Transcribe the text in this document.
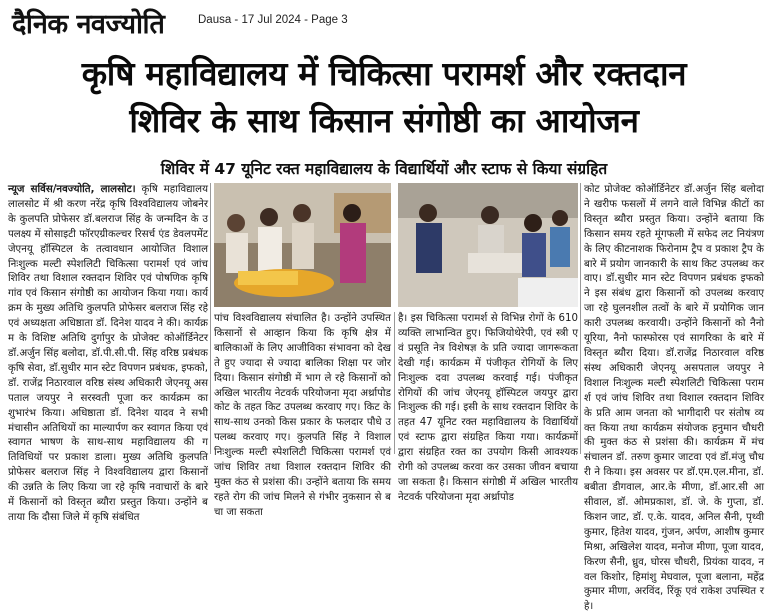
दैनिक नवज्योति	Dausa - 17 Jul 2024 - Page 3
कृषि महाविद्यालय में चिकित्सा परामर्श और रक्तदान
शिविर के साथ किसान संगोष्ठी का आयोजन
शिविर में 47 यूनिट रक्त महाविद्यालय के विद्यार्थियों और स्टाफ से किया संग्रहित
न्यूज सर्विस/नवज्योति, लालसोट। कृषि महाविद्यालय लालसोट में श्री करण नरेंद्र कृषि विश्वविद्यालय जोबनेर के कुलपति प्रोफेसर डॉ.बलराज सिंह के जन्मदिन के उपलक्ष्य में सोसाइटी फॉरएग्रीकल्चर रिसर्च एंड डेवलपमेंट जेएनयू हॉस्पिटल के तत्वावधान आयोजित विशाल निःशुल्क मल्टी स्पेशलिटी चिकित्सा परामर्श एवं जांच शिविर तथा विशाल रक्तदान शिविर एवं पोषणिक कृषि गांव एवं किसान संगोष्ठी का आयोजन किया गया। कार्यक्रम के मुख्य अतिथि कुलपति प्रोफेसर बलराज सिंह रहे एवं अध्यक्षता अधिष्ठाता डॉ. दिनेश यादव ने की। कार्यक्रम के विशिष्ट अतिथि दुर्गापुर के प्रोजेक्ट कोऑर्डिनेटर डॉ.अर्जुन सिंह बलोदा, डॉ.पी.सी.पी. सिंह वरिष्ठ प्रबंधक कृषि सेवा, डॉ.सुधीर मान स्टेट विपणन प्रबंधक, इफको, डॉ. राजेंद्र निठारवाल वरिष्ठ संस्थ अधिकारी जेएनयू असपताल जयपुर ने सरस्वती पूजा कर कार्यक्रम का शुभारंभ किया। अधिष्ठाता डॉ. दिनेश यादव ने सभी मंचासीन अतिथियों का माल्यार्पण कर स्वागत किया एवं स्वागत भाषण के साथ-साथ महाविद्यालय की गतिविधियों पर प्रकाश डाला। मुख्य अतिथि कुलपति प्रोफेसर बलराज सिंह ने विश्वविद्यालय द्वारा किसानों की उन्नति के लिए किया जा रहे कृषि नवाचारों के बारे में किसानों को विस्तृत ब्यौरा प्रस्तुत किया। उन्होंने बताया कि दौसा जिले में कृषि संबंधित
पांच विश्वविद्यालय संचालित है। उन्होंने उपस्थित किसानों से आव्हान किया कि कृषि क्षेत्र में बालिकाओं के लिए आजीविका संभावना को देखते हुए ज्यादा से ज्यादा बालिका शिक्षा पर जोर दिया। किसान संगोष्ठी में भाग ले रहे किसानों को अखिल भारतीय नेटवर्क परियोजना मृदा अर्थ्रापोड कोट के तहत किट उपलब्ध करवाए गए। किट के साथ-साथ उनको किस प्रकार के फलदार पौधे उपलब्ध करवाए गए। कुलपति सिंह ने विशाल निःशुल्क मल्टी स्पेशलिटी चिकित्सा परामर्श एवं जांच शिविर तथा विशाल रक्तदान शिविर की मुक्त कंठ से प्रशंसा की। उन्होंने बताया कि समय रहते रोग की जांच मिलने से गंभीर नुकसान से बचा जा सकता
है। इस चिकित्सा परामर्श से विभिन्न रोगों के 610 व्यक्ति लाभान्वित हुए। फिजियोथेरेपी, एवं स्त्री एवं प्रसूति नेत्र विशेषज्ञ के प्रति ज्यादा जागरूकता देखी गई। कार्यक्रम में पंजीकृत रोगियों के लिए निःशुल्क दवा उपलब्ध करवाई गई। पंजीकृत रोगियों की जांच जेएनयू हॉस्पिटल जयपुर द्वारा निःशुल्क की गई। इसी के साथ रक्तदान शिविर के तहत 47 यूनिट रक्त महाविद्यालय के विद्यार्थियों एवं स्टाफ द्वारा संग्रहित किया गया। कार्यक्रमों द्वारा संग्रहित रक्त का उपयोग किसी आवश्यक रोगी को उपलब्ध करवा कर उसका जीवन बचाया जा सकता है। किसान संगोष्ठी में अखिल भारतीय नेटवर्क परियोजना मृदा अर्थ्रापोड
कोट प्रोजेक्ट कोऑर्डिनेटर डॉ.अर्जुन सिंह बलोदा ने खरीफ फसलों में लगने वाले विभिन्न कीटों का विस्तृत ब्यौरा प्रस्तुत किया। उन्होंने बताया कि किसान समय रहते मूंगफली में सफेद लट नियंत्रण के लिए कीटनाशक फिरोनाम ट्रैप व प्रकाश ट्रैप के बारे में प्रयोग जानकारी के साथ किट उपलब्ध करवाए। डॉ.सुधीर मान स्टेट विपणन प्रबंधक इफको ने इस संबंध द्वारा किसानों को उपलब्ध करवाए जा रहे घुलनशील तत्वों के बारे में प्रयोगिक जानकारी उपलब्ध करवायी। उन्होंने किसानों को नैनो यूरिया, नैनो फास्फोरस एवं सागरिका के बारे में विस्तृत ब्यौरा दिया। डॉ.राजेंद्र निठारवाल वरिष्ठ संस्थ अधिकारी जेएनयू असपताल जयपुर ने विशाल निःशुल्क मल्टी स्पेशलिटी चिकित्सा परामर्श एवं जांच शिविर तथा विशाल रक्तदान शिविर के प्रति आम जनता को भागीदारी पर संतोष व्यक्त किया तथा कार्यक्रम संयोजक हनुमान चौधरी की मुक्त कंठ से प्रशंसा की। कार्यक्रम में मंच संचालन डॉ. तरुण कुमार जाटवा एवं डॉ.मंजु चौधरी ने किया। इस अवसर पर डॉ.एम.एल.मीना, डॉ. बबीता डीगवाल, आर.के मीणा, डॉ.आर.सी आसीवाल, डॉ. ओमप्रकाश, डॉ. जे. के गुप्ता, डॉ. किशन जाट, डॉ. ए.के. यादव, अनिल सैनी, पृथ्वी कुमार, हितेश यादव, गुंजन, अर्पण, आशीष कुमार मिश्रा, अखिलेश यादव, मनोज मीणा, पूजा यादव, किरण सैनी, ध्रुव, घोरस चौधरी, प्रियंका यादव, नवल किशोर, हिमांशु मेघवाल, पूजा बलाना, महेंद्र कुमार मीणा, अरविंद, रिंकू एवं राकेश उपस्थित रहे।
